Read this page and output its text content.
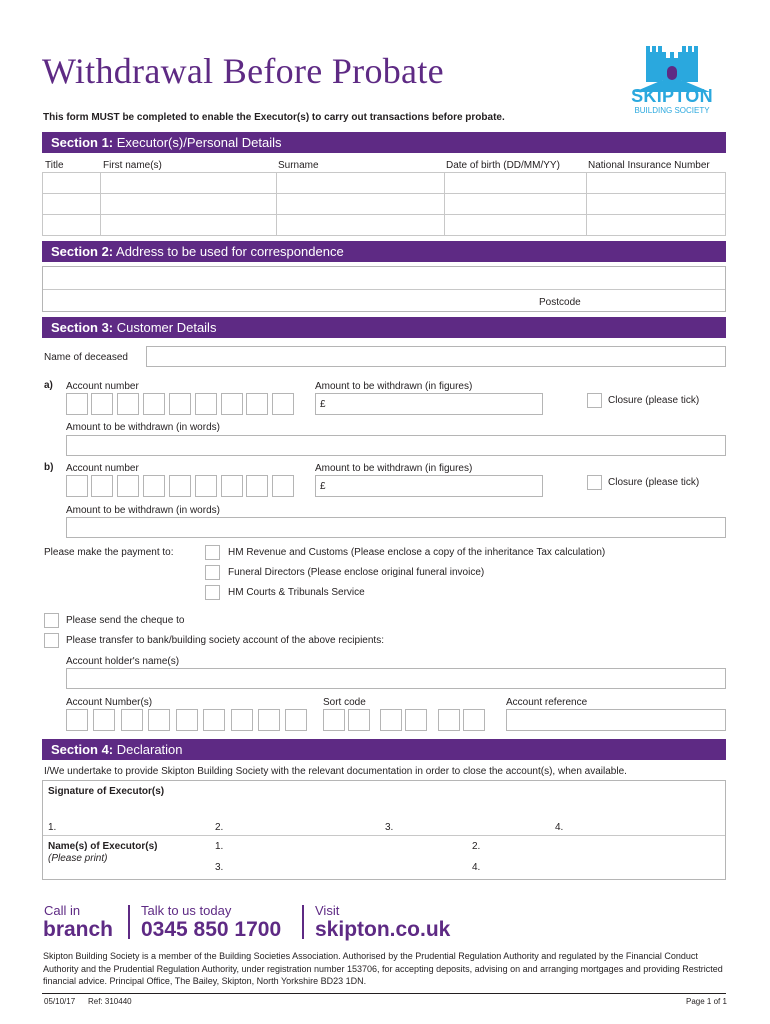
Withdrawal Before Probate
This form MUST be completed to enable the Executor(s) to carry out transactions before probate.
SKIPTON
BUILDING SOCIETY
Section 1: Executor(s)/Personal Details
Title	First name(s)	Surname	Date of birth (DD/MM/YY)	National Insurance Number
Section 2: Address to be used for correspondence
Postcode
Section 3: Customer Details
Name of deceased
a) Account number	Amount to be withdrawn (in figures)
£	Closure (please tick)
Amount to be withdrawn (in words)
b) Account number	Amount to be withdrawn (in figures)
£	Closure (please tick)
Amount to be withdrawn (in words)
Please make the payment to:	HM Revenue and Customs (Please enclose a copy of the inheritance Tax calculation)
Funeral Directors (Please enclose original funeral invoice)
HM Courts & Tribunals Service
Please send the cheque to
Please transfer to bank/building society account of the above recipients:
Account holder's name(s)
Account Number(s)	Sort code	Account reference
Section 4: Declaration
I/We undertake to provide Skipton Building Society with the relevant documentation in order to close the account(s), when available.
Signature of Executor(s)
1.	2.	3.	4.
Name(s) of Executor(s)
(Please print)
1.	2.
3.	4.
Call in
branch
Talk to us today
0345 850 1700
Visit
skipton.co.uk
Skipton Building Society is a member of the Building Societies Association. Authorised by the Prudential Regulation Authority and regulated by the Financial Conduct Authority and the Prudential Regulation Authority, under registration number 153706, for accepting deposits, advising on and arranging mortgages and providing Restricted financial advice. Principal Office, The Bailey, Skipton, North Yorkshire BD23 1DN.
05/10/17 Ref: 310440	Page 1 of 1
